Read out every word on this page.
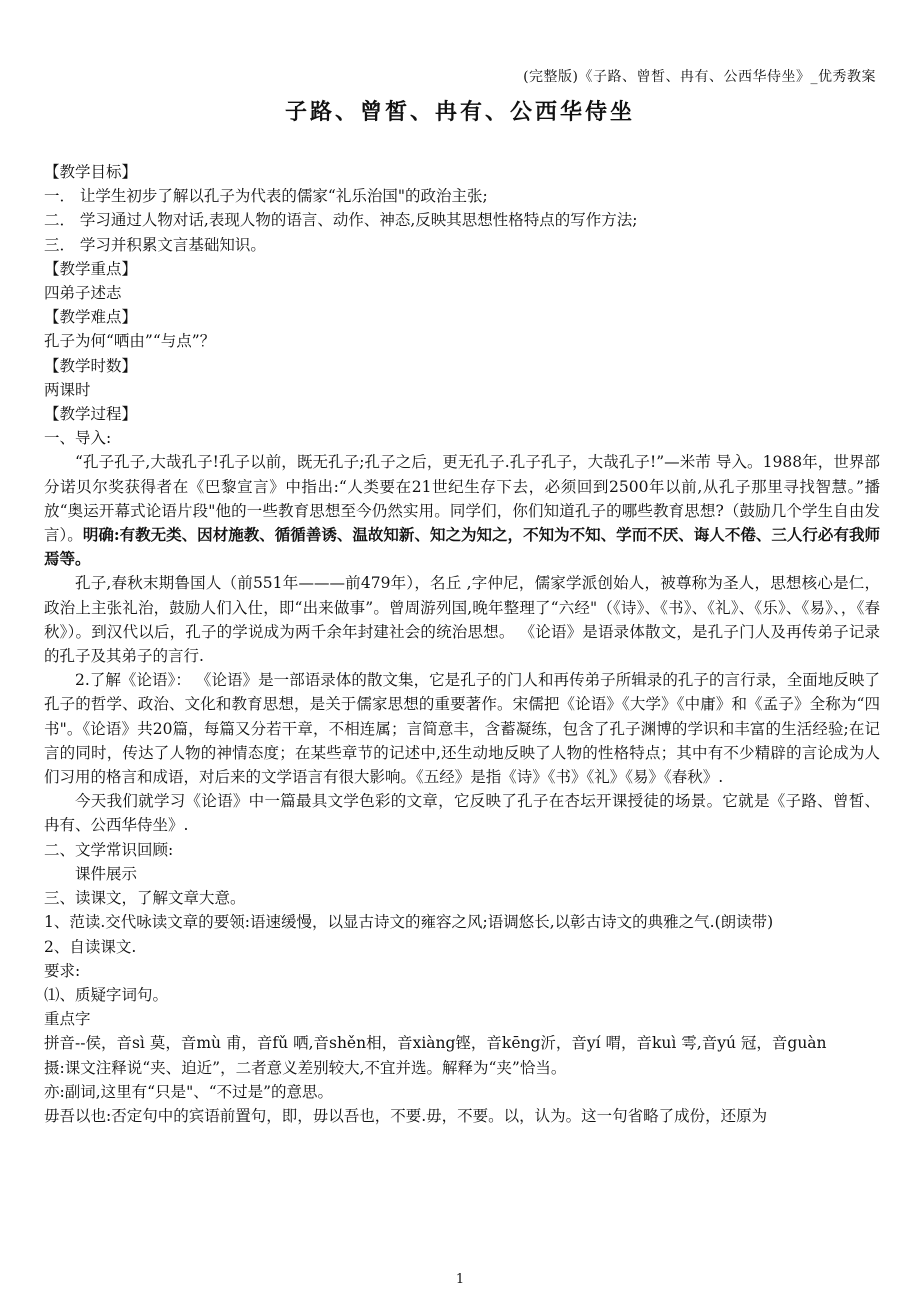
(完整版)《子路、曾皙、冉有、公西华侍坐》_优秀教案
子路、曾皙、冉有、公西华侍坐

【教学目标】

一． 让学生初步了解以孔子为代表的儒家“礼乐治国"的政治主张;

二． 学习通过人物对话,表现人物的语言、动作、神态,反映其思想性格特点的写作方法;

三． 学习并积累文言基础知识。

【教学重点】

四弟子述志

【教学难点】

孔子为何“哂由”“与点”？

【教学时数】

两课时

【教学过程】

一、导入:

“孔子孔子,大哉孔子!孔子以前，既无孔子;孔子之后，更无孔子.孔子孔子，大哉孔子!”—米芾 导入。1988年，世界部分诺贝尔奖获得者在《巴黎宣言》中指出:“人类要在21世纪生存下去，必须回到2500年以前,从孔子那里寻找智慧。”播放“奥运开幕式论语片段"他的一些教育思想至今仍然实用。同学们，你们知道孔子的哪些教育思想?（鼓励几个学生自由发言）。明确:有教无类、因材施教、循循善诱、温故知新、知之为知之，不知为不知、学而不厌、诲人不倦、三人行必有我师焉等。

孔子,春秋末期鲁国人（前551年———前479年），名丘 ,字仲尼，儒家学派创始人，被尊称为圣人，思想核心是仁，政治上主张礼治，鼓励人们入仕，即“出来做事”。曾周游列国,晚年整理了“六经"（《诗》、《书》、《礼》、《乐》、《易》、，《春秋》）。到汉代以后，孔子的学说成为两千余年封建社会的统治思想。 《论语》是语录体散文，是孔子门人及再传弟子记录的孔子及其弟子的言行.

2.了解《论语》： 《论语》是一部语录体的散文集，它是孔子的门人和再传弟子所辑录的孔子的言行录，全面地反映了孔子的哲学、政治、文化和教育思想，是关于儒家思想的重要著作。宋儒把《论语》《大学》《中庸》和《孟子》全称为“四书"。《论语》共20篇，每篇又分若干章，不相连属；言简意丰，含蓄凝练，包含了孔子渊博的学识和丰富的生活经验;在记言的同时，传达了人物的神情态度；在某些章节的记述中,还生动地反映了人物的性格特点；其中有不少精辟的言论成为人们习用的格言和成语，对后来的文学语言有很大影响。《五经》是指《诗》《书》《礼》《易》《春秋》.

今天我们就学习《论语》中一篇最具文学色彩的文章，它反映了孔子在杏坛开课授徒的场景。它就是《子路、曾皙、冉有、公西华侍坐》.

二、文学常识回顾:

课件展示

三、读课文，了解文章大意。

1、范读.交代咏读文章的要领:语速缓慢，以显古诗文的雍容之风;语调悠长,以彰古诗文的典雅之气.(朗读带)

2、自读课文.

要求:

⑴、质疑字词句。

重点字

拼音--侯，音sì 莫，音mù 甫，音fǔ 哂,音shěn相，音xiàng铿，音kēng沂，音yí 喟，音kuì 雩,音yú 冠，音guàn

摄:课文注释说“夹、迫近”，二者意义差别较大,不宜并选。解释为“夹”恰当。

亦:副词,这里有“只是"、“不过是”的意思。

毋吾以也:否定句中的宾语前置句，即，毋以吾也，不要.毋，不要。以，认为。这一句省略了成份，还原为

1
